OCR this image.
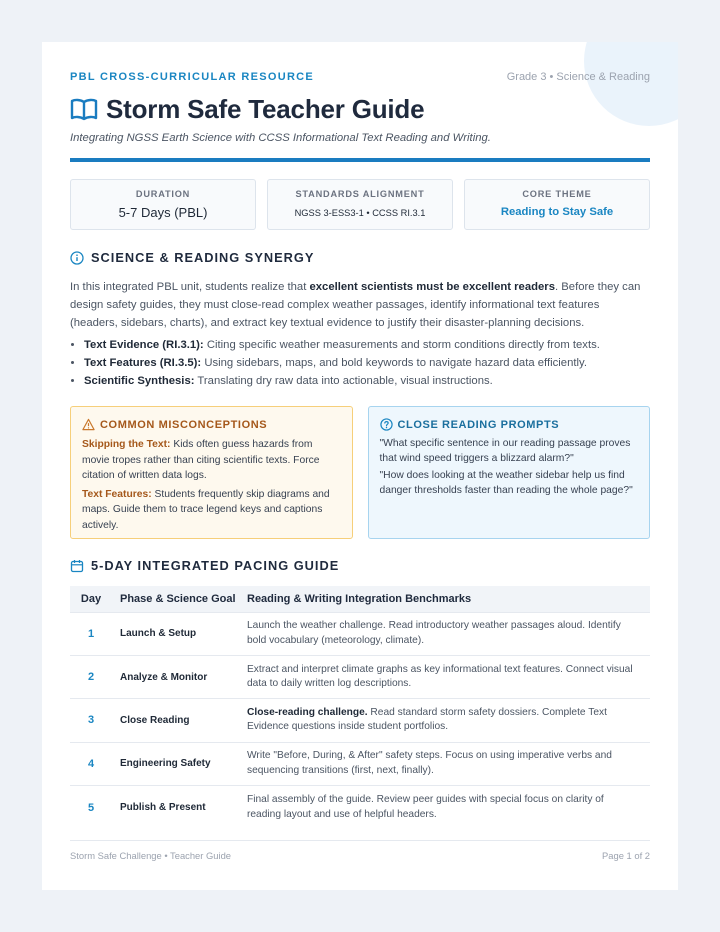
PBL CROSS-CURRICULAR RESOURCE	Grade 3 • Science & Reading
Storm Safe Teacher Guide
Integrating NGSS Earth Science with CCSS Informational Text Reading and Writing.
DURATION
5-7 Days (PBL)
STANDARDS ALIGNMENT
NGSS 3-ESS3-1 • CCSS RI.3.1
CORE THEME
Reading to Stay Safe
SCIENCE & READING SYNERGY

In this integrated PBL unit, students realize that excellent scientists must be excellent readers. Before they can design safety guides, they must close-read complex weather passages, identify informational text features (headers, sidebars, charts), and extract key textual evidence to justify their disaster-planning decisions.

• Text Evidence (RI.3.1): Citing specific weather measurements and storm conditions directly from texts.
• Text Features (RI.3.5): Using sidebars, maps, and bold keywords to navigate hazard data efficiently.
• Scientific Synthesis: Translating dry raw data into actionable, visual instructions.
COMMON MISCONCEPTIONS

Skipping the Text: Kids often guess hazards from movie tropes rather than citing scientific texts. Force citation of written data logs.

Text Features: Students frequently skip diagrams and maps. Guide them to trace legend keys and captions actively.

CLOSE READING PROMPTS

"What specific sentence in our reading passage proves that wind speed triggers a blizzard alarm?"

"How does looking at the weather sidebar help us find danger thresholds faster than reading the whole page?"

5-DAY INTEGRATED PACING GUIDE
Day	Phase & Science Goal	Reading & Writing Integration Benchmarks
1	Launch & Setup	Launch the weather challenge. Read introductory weather passages aloud. Identify bold vocabulary (meteorology, climate).
2	Analyze & Monitor	Extract and interpret climate graphs as key informational text features. Connect visual data to daily written log descriptions.
3	Close Reading	Close-reading challenge. Read standard storm safety dossiers. Complete Text Evidence questions inside student portfolios.
4	Engineering Safety	Write "Before, During, & After" safety steps. Focus on using imperative verbs and sequencing transitions (first, next, finally).
5	Publish & Present	Final assembly of the guide. Review peer guides with special focus on clarity of reading layout and use of helpful headers.
Storm Safe Challenge • Teacher Guide	Page 1 of 2
